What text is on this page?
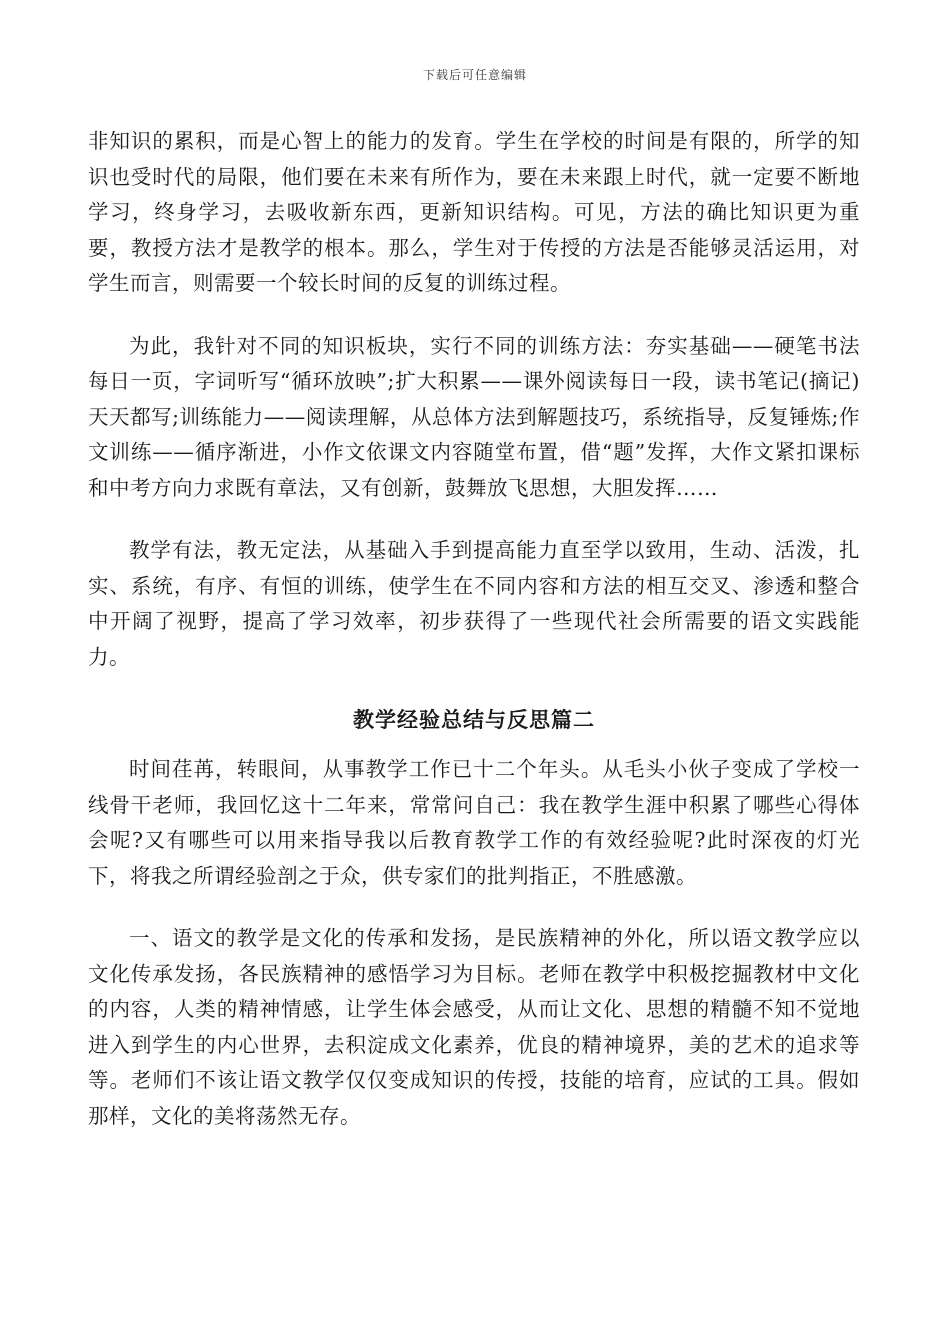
下载后可任意编辑

非知识的累积，而是心智上的能力的发育。学生在学校的时间是有限的，所学的知识也受时代的局限，他们要在未来有所作为，要在未来跟上时代，就一定要不断地学习，终身学习，去吸收新东西，更新知识结构。可见，方法的确比知识更为重要，教授方法才是教学的根本。那么，学生对于传授的方法是否能够灵活运用，对学生而言，则需要一个较长时间的反复的训练过程。

为此，我针对不同的知识板块，实行不同的训练方法：夯实基础——硬笔书法每日一页，字词听写“循环放映”;扩大积累——课外阅读每日一段，读书笔记(摘记)天天都写;训练能力——阅读理解，从总体方法到解题技巧，系统指导，反复锤炼;作文训练——循序渐进，小作文依课文内容随堂布置，借“题”发挥，大作文紧扣课标和中考方向力求既有章法，又有创新，鼓舞放飞思想，大胆发挥……

教学有法，教无定法，从基础入手到提高能力直至学以致用，生动、活泼，扎实、系统，有序、有恒的训练，使学生在不同内容和方法的相互交叉、渗透和整合中开阔了视野，提高了学习效率，初步获得了一些现代社会所需要的语文实践能力。

教学经验总结与反思篇二

时间荏苒，转眼间，从事教学工作已十二个年头。从毛头小伙子变成了学校一线骨干老师，我回忆这十二年来，常常问自己：我在教学生涯中积累了哪些心得体会呢?又有哪些可以用来指导我以后教育教学工作的有效经验呢?此时深夜的灯光下，将我之所谓经验剖之于众，供专家们的批判指正，不胜感激。

一、语文的教学是文化的传承和发扬，是民族精神的外化，所以语文教学应以文化传承发扬，各民族精神的感悟学习为目标。老师在教学中积极挖掘教材中文化的内容，人类的精神情感，让学生体会感受，从而让文化、思想的精髓不知不觉地进入到学生的内心世界，去积淀成文化素养，优良的精神境界，美的艺术的追求等等。老师们不该让语文教学仅仅变成知识的传授，技能的培育，应试的工具。假如那样，文化的美将荡然无存。
